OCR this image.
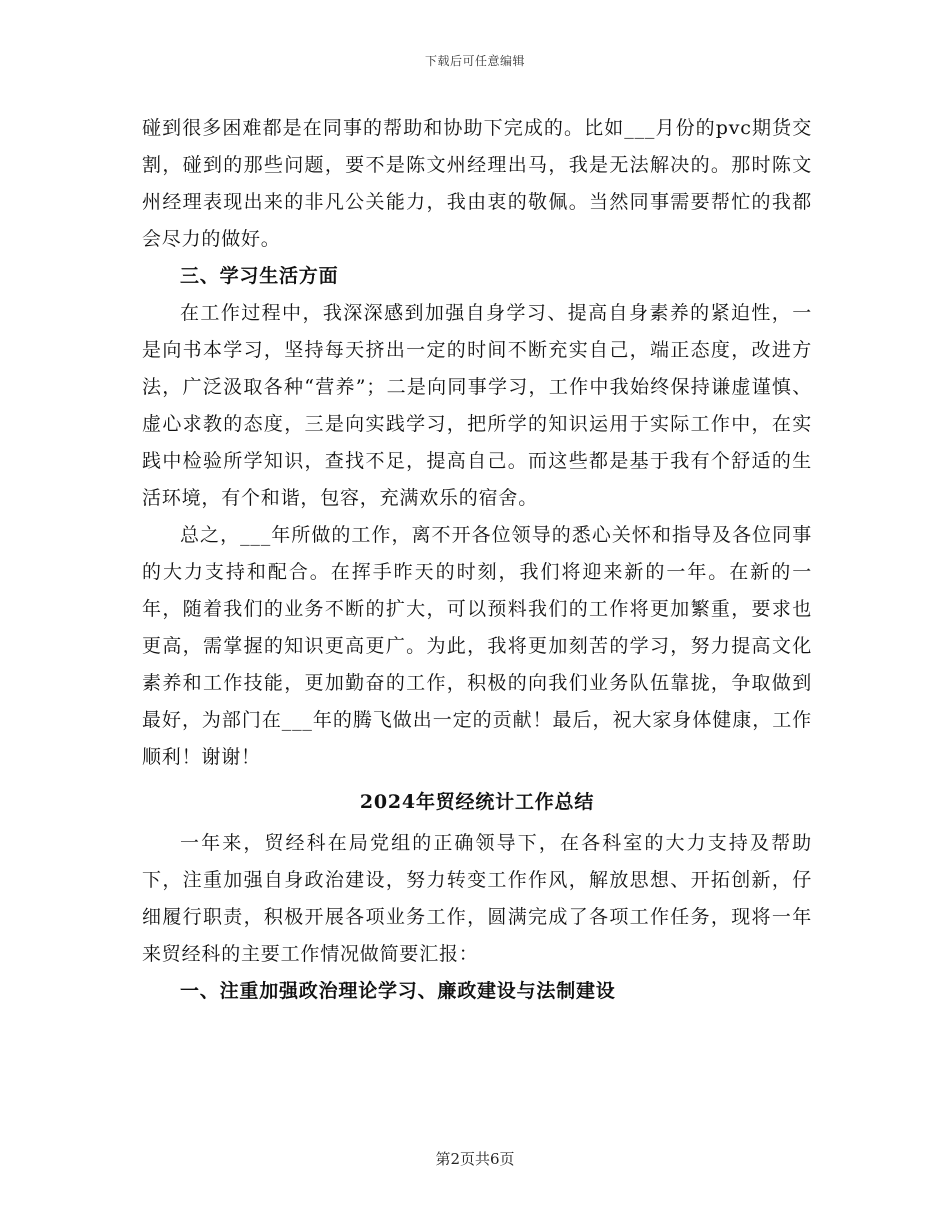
下载后可任意编辑

碰到很多困难都是在同事的帮助和协助下完成的。比如___月份的pvc期货交割，碰到的那些问题，要不是陈文州经理出马，我是无法解决的。那时陈文州经理表现出来的非凡公关能力，我由衷的敬佩。当然同事需要帮忙的我都会尽力的做好。

三、学习生活方面

在工作过程中，我深深感到加强自身学习、提高自身素养的紧迫性，一是向书本学习，坚持每天挤出一定的时间不断充实自己，端正态度，改进方法，广泛汲取各种“营养”；二是向同事学习，工作中我始终保持谦虚谨慎、虚心求教的态度，三是向实践学习，把所学的知识运用于实际工作中，在实践中检验所学知识，查找不足，提高自己。而这些都是基于我有个舒适的生活环境，有个和谐，包容，充满欢乐的宿舍。

总之，___年所做的工作，离不开各位领导的悉心关怀和指导及各位同事的大力支持和配合。在挥手昨天的时刻，我们将迎来新的一年。在新的一年，随着我们的业务不断的扩大，可以预料我们的工作将更加繁重，要求也更高，需掌握的知识更高更广。为此，我将更加刻苦的学习，努力提高文化素养和工作技能，更加勤奋的工作，积极的向我们业务队伍靠拢，争取做到最好，为部门在___年的腾飞做出一定的贡献！最后，祝大家身体健康，工作顺利！谢谢！

2024年贸经统计工作总结

一年来，贸经科在局党组的正确领导下，在各科室的大力支持及帮助下，注重加强自身政治建设，努力转变工作作风，解放思想、开拓创新，仔细履行职责，积极开展各项业务工作，圆满完成了各项工作任务，现将一年来贸经科的主要工作情况做简要汇报：

一、注重加强政治理论学习、廉政建设与法制建设

第2页共6页
